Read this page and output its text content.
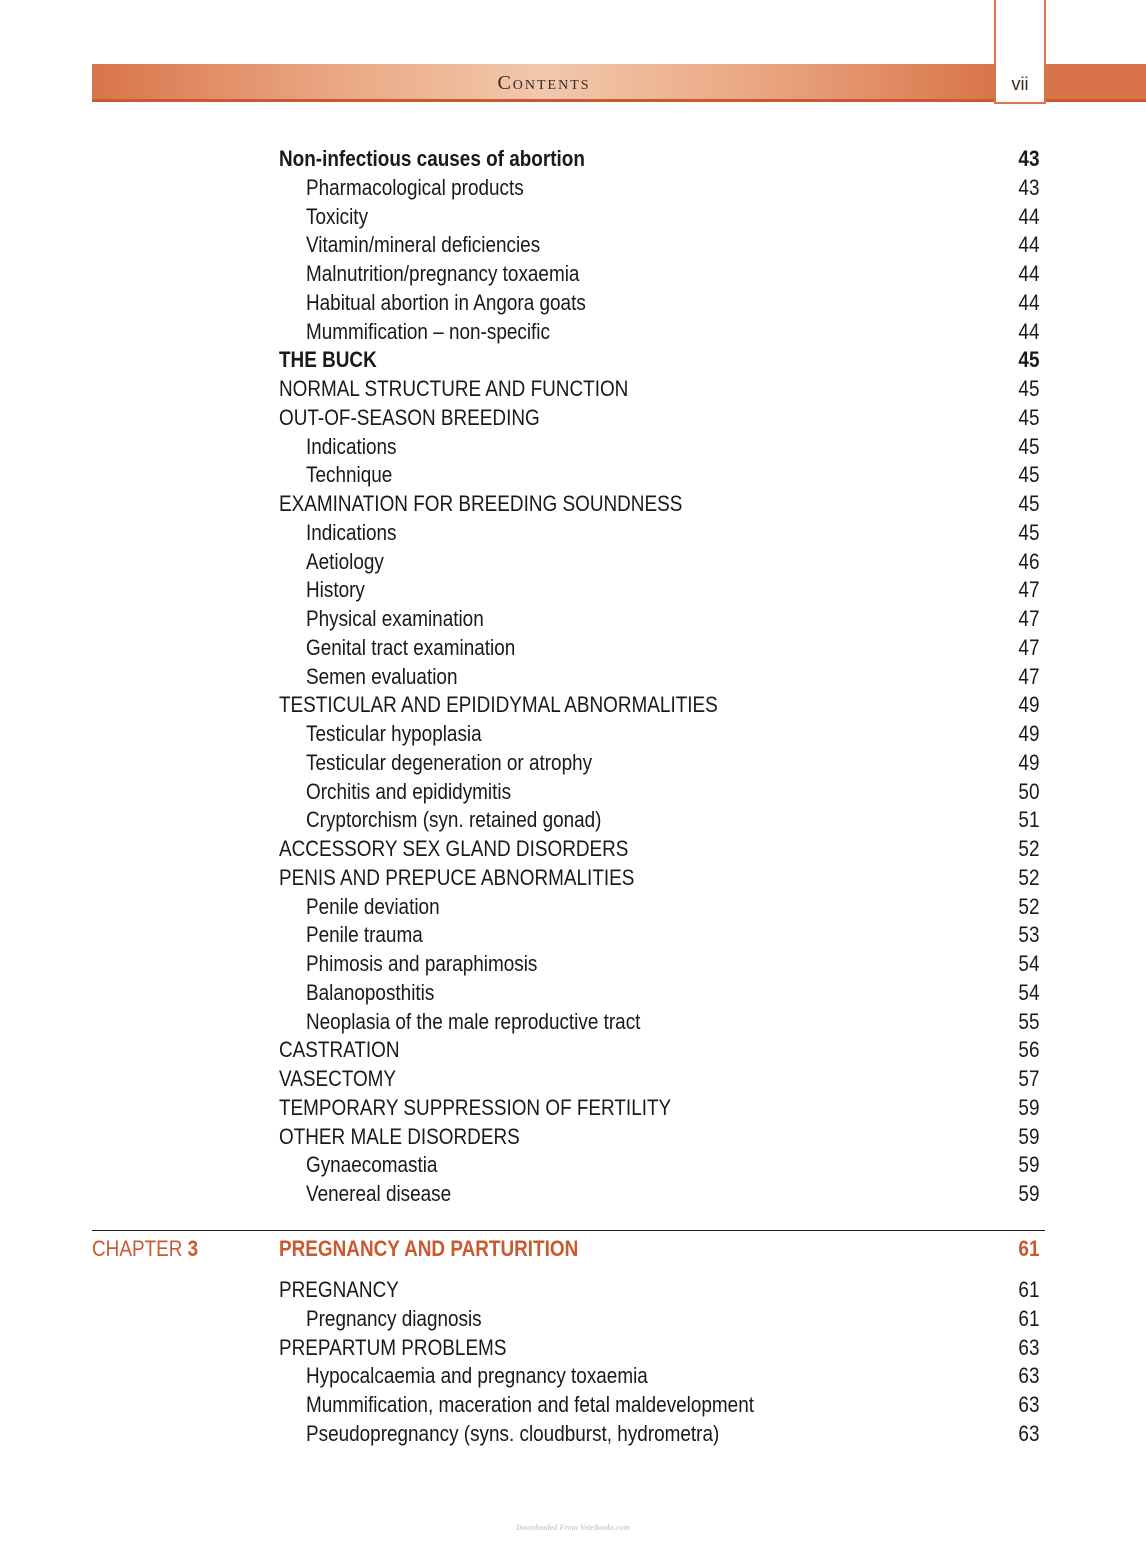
Contents	vii
Non-infectious causes of abortion	43
Pharmacological products	43
Toxicity	44
Vitamin/mineral deficiencies	44
Malnutrition/pregnancy toxaemia	44
Habitual abortion in Angora goats	44
Mummification – non-specific	44
THE BUCK	45
NORMAL STRUCTURE AND FUNCTION	45
OUT-OF-SEASON BREEDING	45
Indications	45
Technique	45
EXAMINATION FOR BREEDING SOUNDNESS	45
Indications	45
Aetiology	46
History	47
Physical examination	47
Genital tract examination	47
Semen evaluation	47
TESTICULAR AND EPIDIDYMAL ABNORMALITIES	49
Testicular hypoplasia	49
Testicular degeneration or atrophy	49
Orchitis and epididymitis	50
Cryptorchism (syn. retained gonad)	51
ACCESSORY SEX GLAND DISORDERS	52
PENIS AND PREPUCE ABNORMALITIES	52
Penile deviation	52
Penile trauma	53
Phimosis and paraphimosis	54
Balanoposthitis	54
Neoplasia of the male reproductive tract	55
CASTRATION	56
VASECTOMY	57
TEMPORARY SUPPRESSION OF FERTILITY	59
OTHER MALE DISORDERS	59
Gynaecomastia	59
Venereal disease	59
CHAPTER 3	PREGNANCY AND PARTURITION	61
PREGNANCY	61
Pregnancy diagnosis	61
PREPARTUM PROBLEMS	63
Hypocalcaemia and pregnancy toxaemia	63
Mummification, maceration and fetal maldevelopment	63
Pseudopregnancy (syns. cloudburst, hydrometra)	63
Downloaded From VeteBooks.com
